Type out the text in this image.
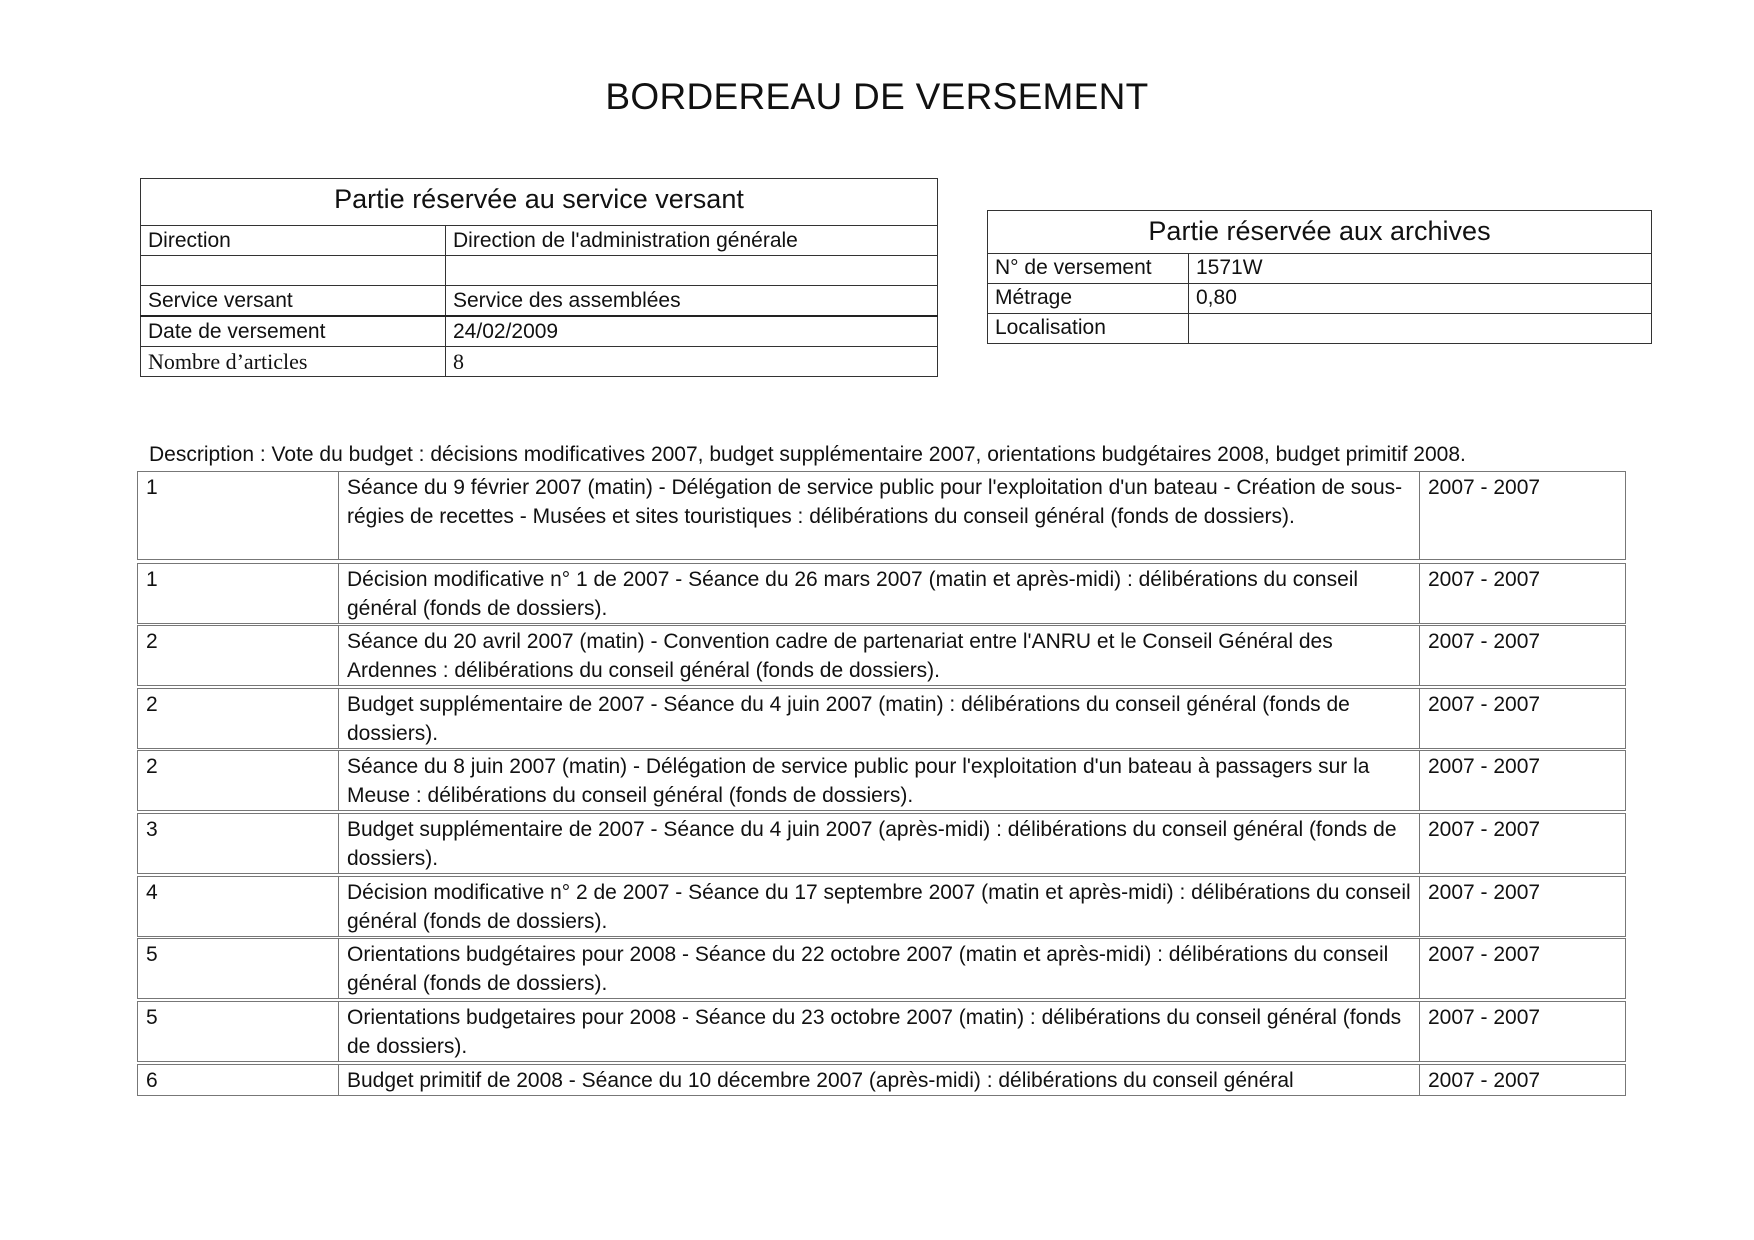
BORDEREAU DE VERSEMENT
Partie réservée au service versant	
Direction	Direction de l'administration générale

Service versant	Service des assemblées
Date de versement	24/02/2009
Nombre d’articles	8
Partie réservée aux archives	
N° de versement	1571W
Métrage	0,80
Localisation	
Description : Vote du budget : décisions modificatives 2007, budget supplémentaire 2007, orientations budgétaires 2008, budget primitif 2008.
1	Séance du 9 février 2007 (matin) - Délégation de service public pour l'exploitation d'un bateau - Création de sous-régies de recettes - Musées et sites touristiques : délibérations du conseil général (fonds de dossiers).	2007 - 2007
1	Décision modificative n° 1 de 2007 - Séance du 26 mars 2007 (matin et après-midi) : délibérations du conseil général (fonds de dossiers).	2007 - 2007
2	Séance du 20 avril 2007 (matin) - Convention cadre de partenariat entre l'ANRU et le Conseil Général des Ardennes : délibérations du conseil général (fonds de dossiers).	2007 - 2007
2	Budget supplémentaire de 2007 - Séance du 4 juin 2007 (matin) : délibérations du conseil général (fonds de dossiers).	2007 - 2007
2	Séance du 8 juin 2007 (matin) - Délégation de service public pour l'exploitation d'un bateau à passagers sur la Meuse : délibérations du conseil général (fonds de dossiers).	2007 - 2007
3	Budget supplémentaire de 2007 - Séance du 4 juin 2007 (après-midi) : délibérations du conseil général (fonds de dossiers).	2007 - 2007
4	Décision modificative n° 2 de 2007 - Séance du 17 septembre 2007 (matin et après-midi) : délibérations du conseil général (fonds de dossiers).	2007 - 2007
5	Orientations budgétaires pour 2008 - Séance du 22 octobre 2007 (matin et après-midi) : délibérations du conseil général (fonds de dossiers).	2007 - 2007
5	Orientations budgetaires pour 2008 - Séance du 23 octobre 2007 (matin) : délibérations du conseil général (fonds de dossiers).	2007 - 2007
6	Budget primitif de 2008 - Séance du 10 décembre 2007 (après-midi) : délibérations du conseil général	2007 - 2007
